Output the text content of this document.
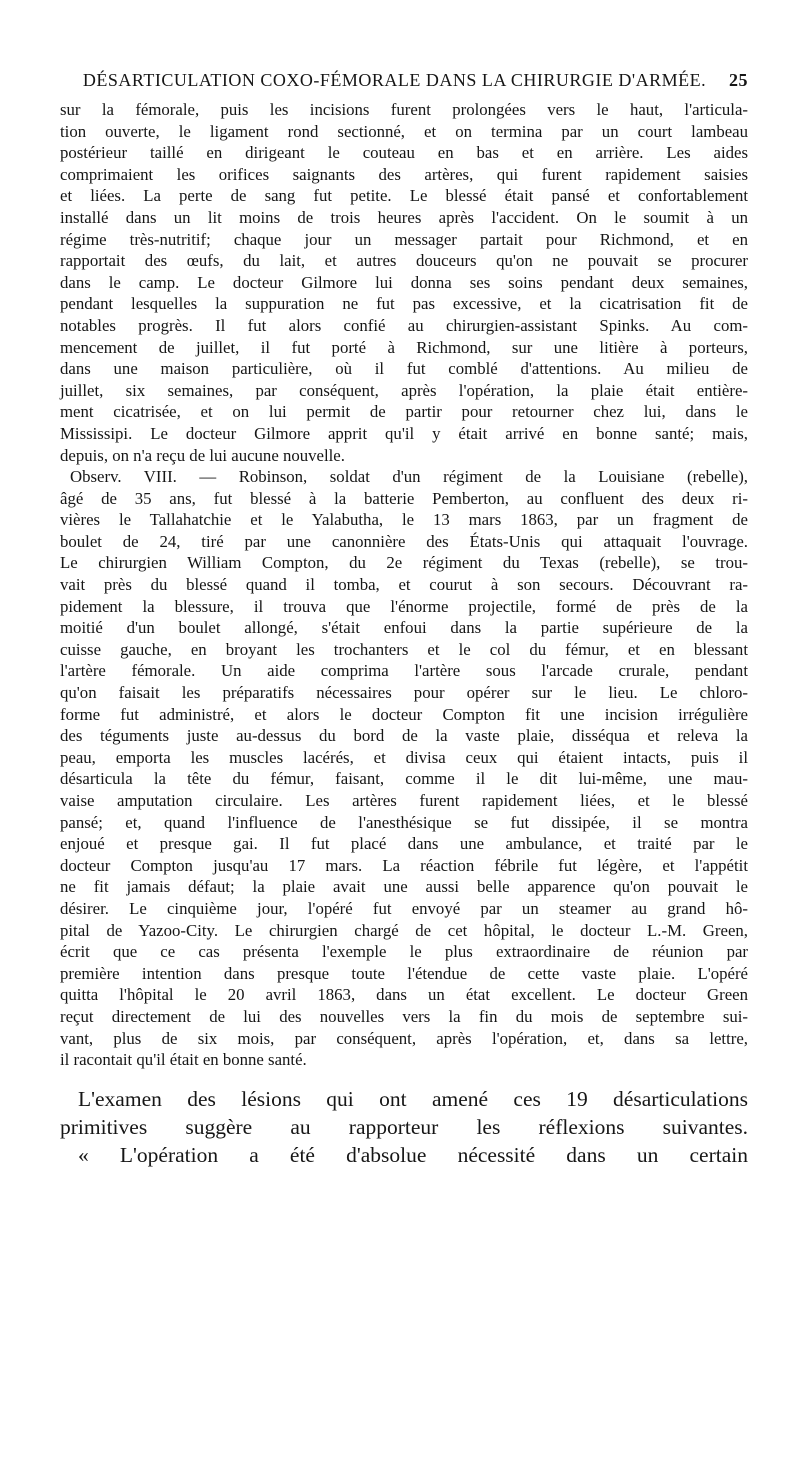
DÉSARTICULATION COXO-FÉMORALE DANS LA CHIRURGIE D'ARMÉE.	25
sur la fémorale, puis les incisions furent prolongées vers le haut, l'articula-
tion ouverte, le ligament rond sectionné, et on termina par un court lambeau
postérieur taillé en dirigeant le couteau en bas et en arrière. Les aides
comprimaient les orifices saignants des artères, qui furent rapidement saisies
et liées. La perte de sang fut petite. Le blessé était pansé et confortablement
installé dans un lit moins de trois heures après l'accident. On le soumit à un
régime très-nutritif; chaque jour un messager partait pour Richmond, et en
rapportait des œufs, du lait, et autres douceurs qu'on ne pouvait se procurer
dans le camp. Le docteur Gilmore lui donna ses soins pendant deux semaines,
pendant lesquelles la suppuration ne fut pas excessive, et la cicatrisation fit de
notables progrès. Il fut alors confié au chirurgien-assistant Spinks. Au com-
mencement de juillet, il fut porté à Richmond, sur une litière à porteurs,
dans une maison particulière, où il fut comblé d'attentions. Au milieu de
juillet, six semaines, par conséquent, après l'opération, la plaie était entière-
ment cicatrisée, et on lui permit de partir pour retourner chez lui, dans le
Mississipi. Le docteur Gilmore apprit qu'il y était arrivé en bonne santé; mais,
depuis, on n'a reçu de lui aucune nouvelle.
Observ. VIII. — Robinson, soldat d'un régiment de la Louisiane (rebelle),
âgé de 35 ans, fut blessé à la batterie Pemberton, au confluent des deux ri-
vières le Tallahatchie et le Yalabutha, le 13 mars 1863, par un fragment de
boulet de 24, tiré par une canonnière des États-Unis qui attaquait l'ouvrage.
Le chirurgien William Compton, du 2e régiment du Texas (rebelle), se trou-
vait près du blessé quand il tomba, et courut à son secours. Découvrant ra-
pidement la blessure, il trouva que l'énorme projectile, formé de près de la
moitié d'un boulet allongé, s'était enfoui dans la partie supérieure de la
cuisse gauche, en broyant les trochanters et le col du fémur, et en blessant
l'artère fémorale. Un aide comprima l'artère sous l'arcade crurale, pendant
qu'on faisait les préparatifs nécessaires pour opérer sur le lieu. Le chloro-
forme fut administré, et alors le docteur Compton fit une incision irrégulière
des téguments juste au-dessus du bord de la vaste plaie, disséqua et releva la
peau, emporta les muscles lacérés, et divisa ceux qui étaient intacts, puis il
désarticula la tête du fémur, faisant, comme il le dit lui-même, une mau-
vaise amputation circulaire. Les artères furent rapidement liées, et le blessé
pansé; et, quand l'influence de l'anesthésique se fut dissipée, il se montra
enjoué et presque gai. Il fut placé dans une ambulance, et traité par le
docteur Compton jusqu'au 17 mars. La réaction fébrile fut légère, et l'appétit
ne fit jamais défaut; la plaie avait une aussi belle apparence qu'on pouvait le
désirer. Le cinquième jour, l'opéré fut envoyé par un steamer au grand hô-
pital de Yazoo-City. Le chirurgien chargé de cet hôpital, le docteur L.-M. Green,
écrit que ce cas présenta l'exemple le plus extraordinaire de réunion par
première intention dans presque toute l'étendue de cette vaste plaie. L'opéré
quitta l'hôpital le 20 avril 1863, dans un état excellent. Le docteur Green
reçut directement de lui des nouvelles vers la fin du mois de septembre sui-
vant, plus de six mois, par conséquent, après l'opération, et, dans sa lettre,
il racontait qu'il était en bonne santé.
L'examen des lésions qui ont amené ces 19 désarticulations
primitives suggère au rapporteur les réflexions suivantes.
« L'opération a été d'absolue nécessité dans un certain
